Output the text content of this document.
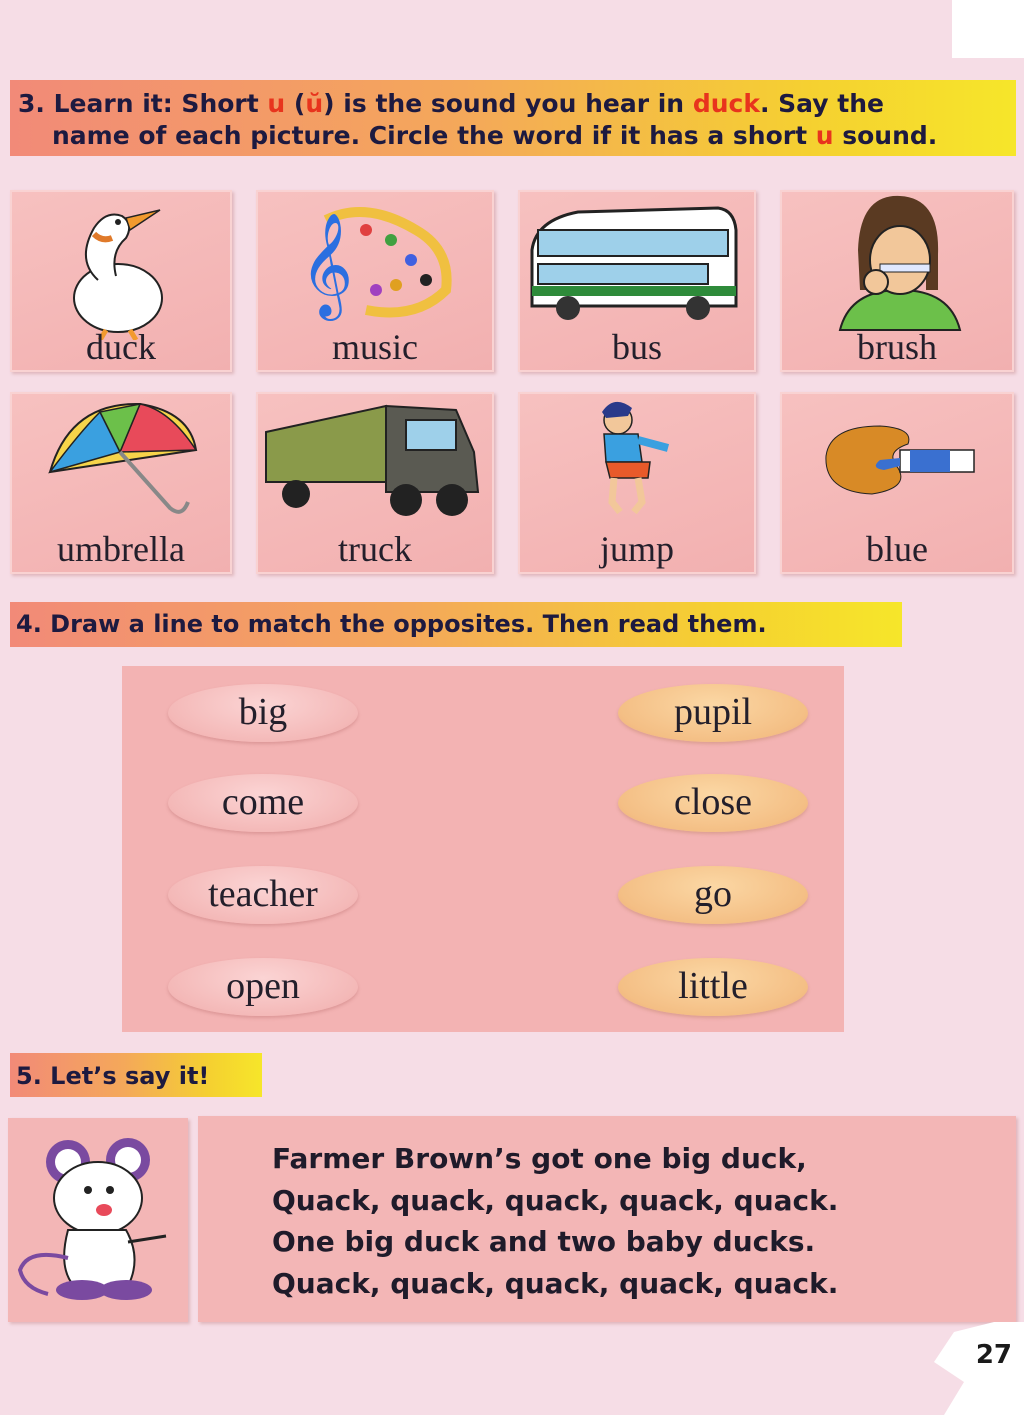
3. Learn it: Short u (ŭ) is the sound you hear in duck. Say the
name of each picture. Circle the word if it has a short u sound.
duck
𝄞
music	bus	brush
umbrella	truck	jump	blue
4. Draw a line to match the opposites. Then read them.
big
come
teacher
open
pupil
close
go
little
5. Let’s say it!
Farmer Brown’s got one big duck,
Quack, quack, quack, quack, quack.
One big duck and two baby ducks.
Quack, quack, quack, quack, quack.
27
